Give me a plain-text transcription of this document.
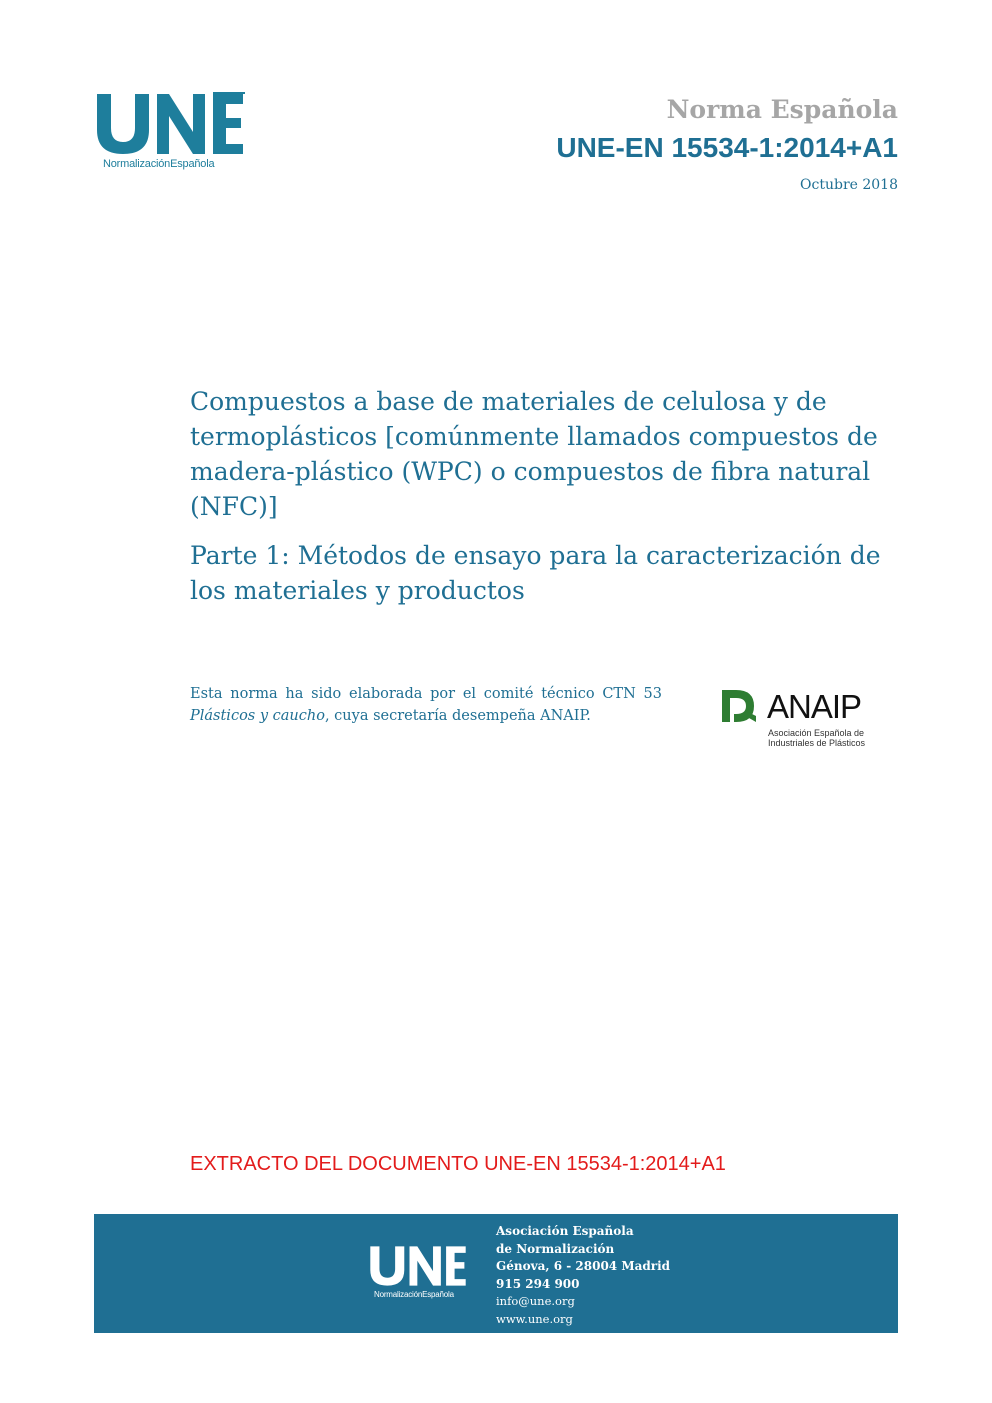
NormalizaciónEspañola
Norma Española
UNE-EN 15534-1:2014+A1
Octubre 2018
Compuestos a base de materiales de celulosa y de termoplásticos [comúnmente llamados compuestos de madera-plástico (WPC) o compuestos de fibra natural (NFC)]
Parte 1: Métodos de ensayo para la caracterización de los materiales y productos
Esta norma ha sido elaborada por el comité técnico CTN 53 Plásticos y caucho, cuya secretaría desempeña ANAIP.	ANAIP
Asociación Española de
Industriales de Plásticos
EXTRACTO DEL DOCUMENTO UNE-EN 15534-1:2014+A1
NormalizaciónEspañola
Asociación Española
de Normalización
Génova, 6 - 28004 Madrid
915 294 900
info@une.org
www.une.org
